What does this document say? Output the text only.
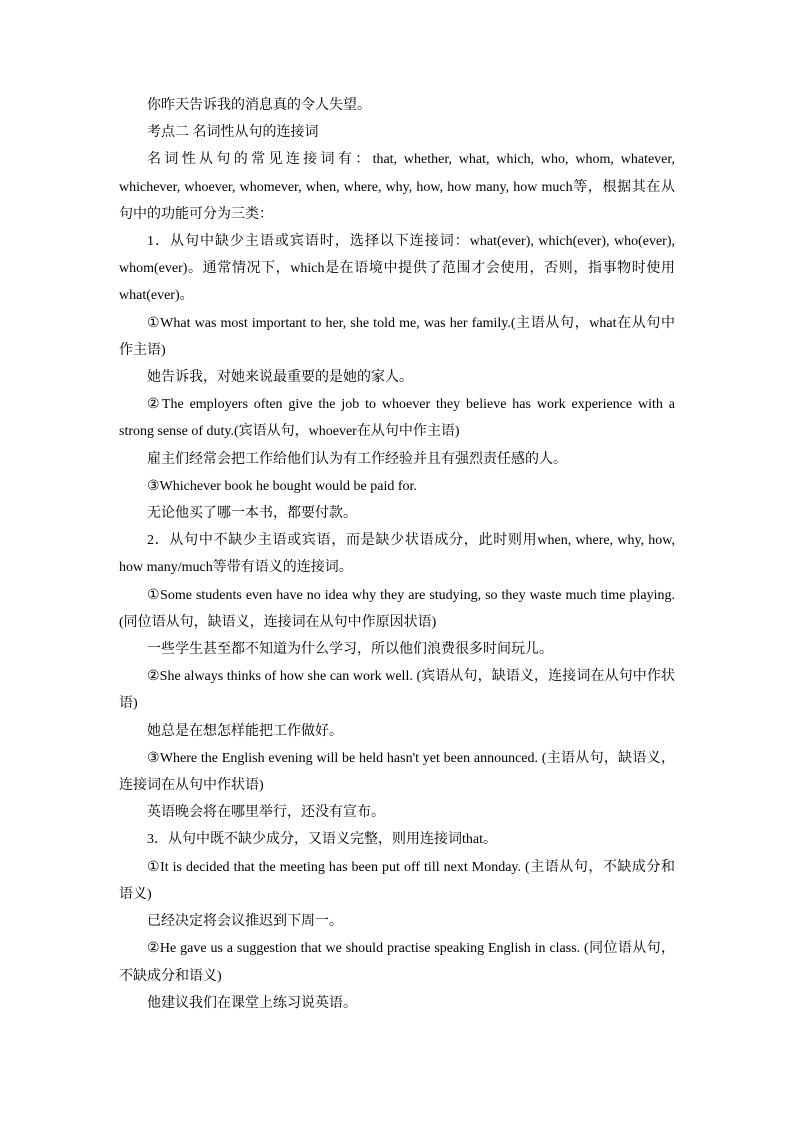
你昨天告诉我的消息真的令人失望。

考点二 名词性从句的连接词

名词性从句的常见连接词有：that, whether, what, which, who, whom, whatever, whichever, whoever, whomever, when, where, why, how, how many, how much等，根据其在从句中的功能可分为三类：

1．从句中缺少主语或宾语时，选择以下连接词：what(ever), which(ever), who(ever), whom(ever)。通常情况下，which是在语境中提供了范围才会使用，否则，指事物时使用what(ever)。

①What was most important to her, she told me, was her family.(主语从句，what在从句中作主语)

她告诉我，对她来说最重要的是她的家人。

②The employers often give the job to whoever they believe has work experience with a strong sense of duty.(宾语从句，whoever在从句中作主语)

雇主们经常会把工作给他们认为有工作经验并且有强烈责任感的人。

③Whichever book he bought would be paid for.

无论他买了哪一本书，都要付款。

2．从句中不缺少主语或宾语，而是缺少状语成分，此时则用when, where, why, how, how many/much等带有语义的连接词。

①Some students even have no idea why they are studying, so they waste much time playing.(同位语从句，缺语义，连接词在从句中作原因状语)

一些学生甚至都不知道为什么学习，所以他们浪费很多时间玩儿。

②She always thinks of how she can work well. (宾语从句，缺语义，连接词在从句中作状语)

她总是在想怎样能把工作做好。

③Where the English evening will be held hasn't yet been announced. (主语从句，缺语义，连接词在从句中作状语)

英语晚会将在哪里举行，还没有宣布。

3．从句中既不缺少成分，又语义完整，则用连接词that。

①It is decided that the meeting has been put off till next Monday. (主语从句，不缺成分和语义)

已经决定将会议推迟到下周一。

②He gave us a suggestion that we should practise speaking English in class. (同位语从句，不缺成分和语义)

他建议我们在课堂上练习说英语。
